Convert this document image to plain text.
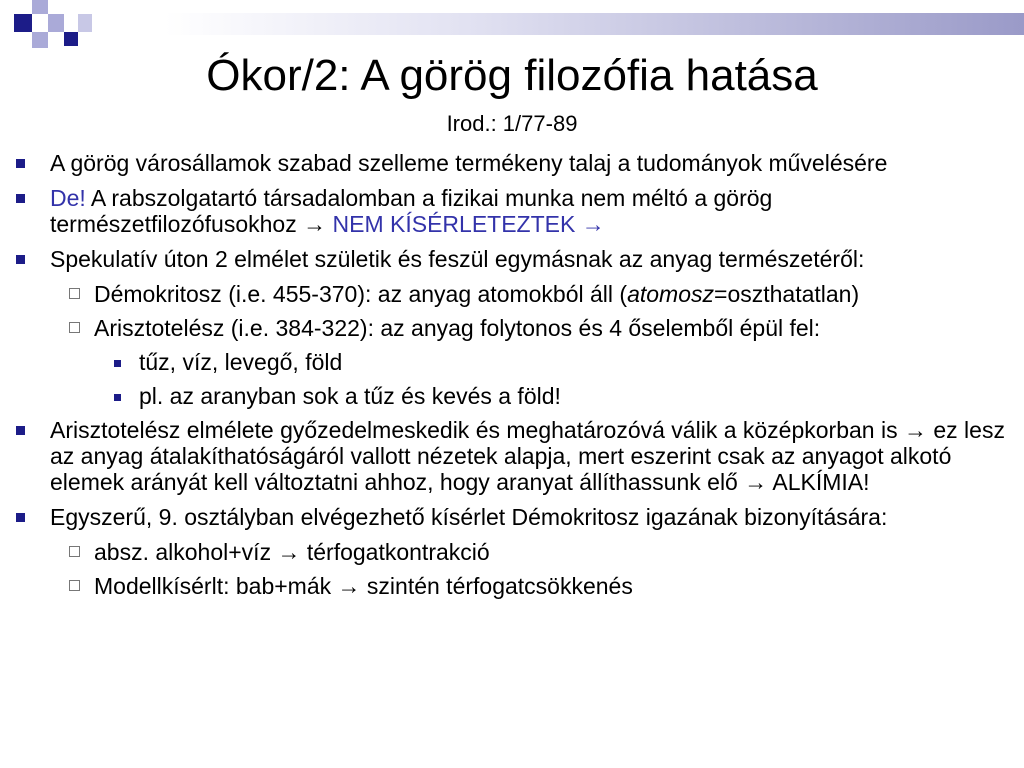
Ókor/2: A görög filozófia hatása
Irod.: 1/77-89
A görög városállamok szabad szelleme termékeny talaj a tudományok művelésére
De! A rabszolgatartó társadalomban a fizikai munka nem méltó a görög természetfilozófusokhoz → NEM KÍSÉRLETEZTEK →
Spekulatív úton 2 elmélet születik és feszül egymásnak az anyag természetéről:
Démokritosz (i.e. 455-370): az anyag atomokból áll (atomosz=oszthatatlan)
Arisztotelész (i.e. 384-322): az anyag folytonos és 4 őselemből épül fel:
tűz, víz, levegő, föld
pl. az aranyban sok a tűz és kevés a föld!
Arisztotelész elmélete győzedelmeskedik és meghatározóvá válik a középkorban is → ez lesz az anyag átalakíthatóságáról vallott nézetek alapja, mert eszerint csak az anyagot alkotó elemek arányát kell változtatni ahhoz, hogy aranyat állíthassunk elő → ALKÍMIA!
Egyszerű, 9. osztályban elvégezhető kísérlet Démokritosz igazának bizonyítására:
absz. alkohol+víz → térfogatkontrakció
Modellkísérlt: bab+mák → szintén térfogatcsökkenés
